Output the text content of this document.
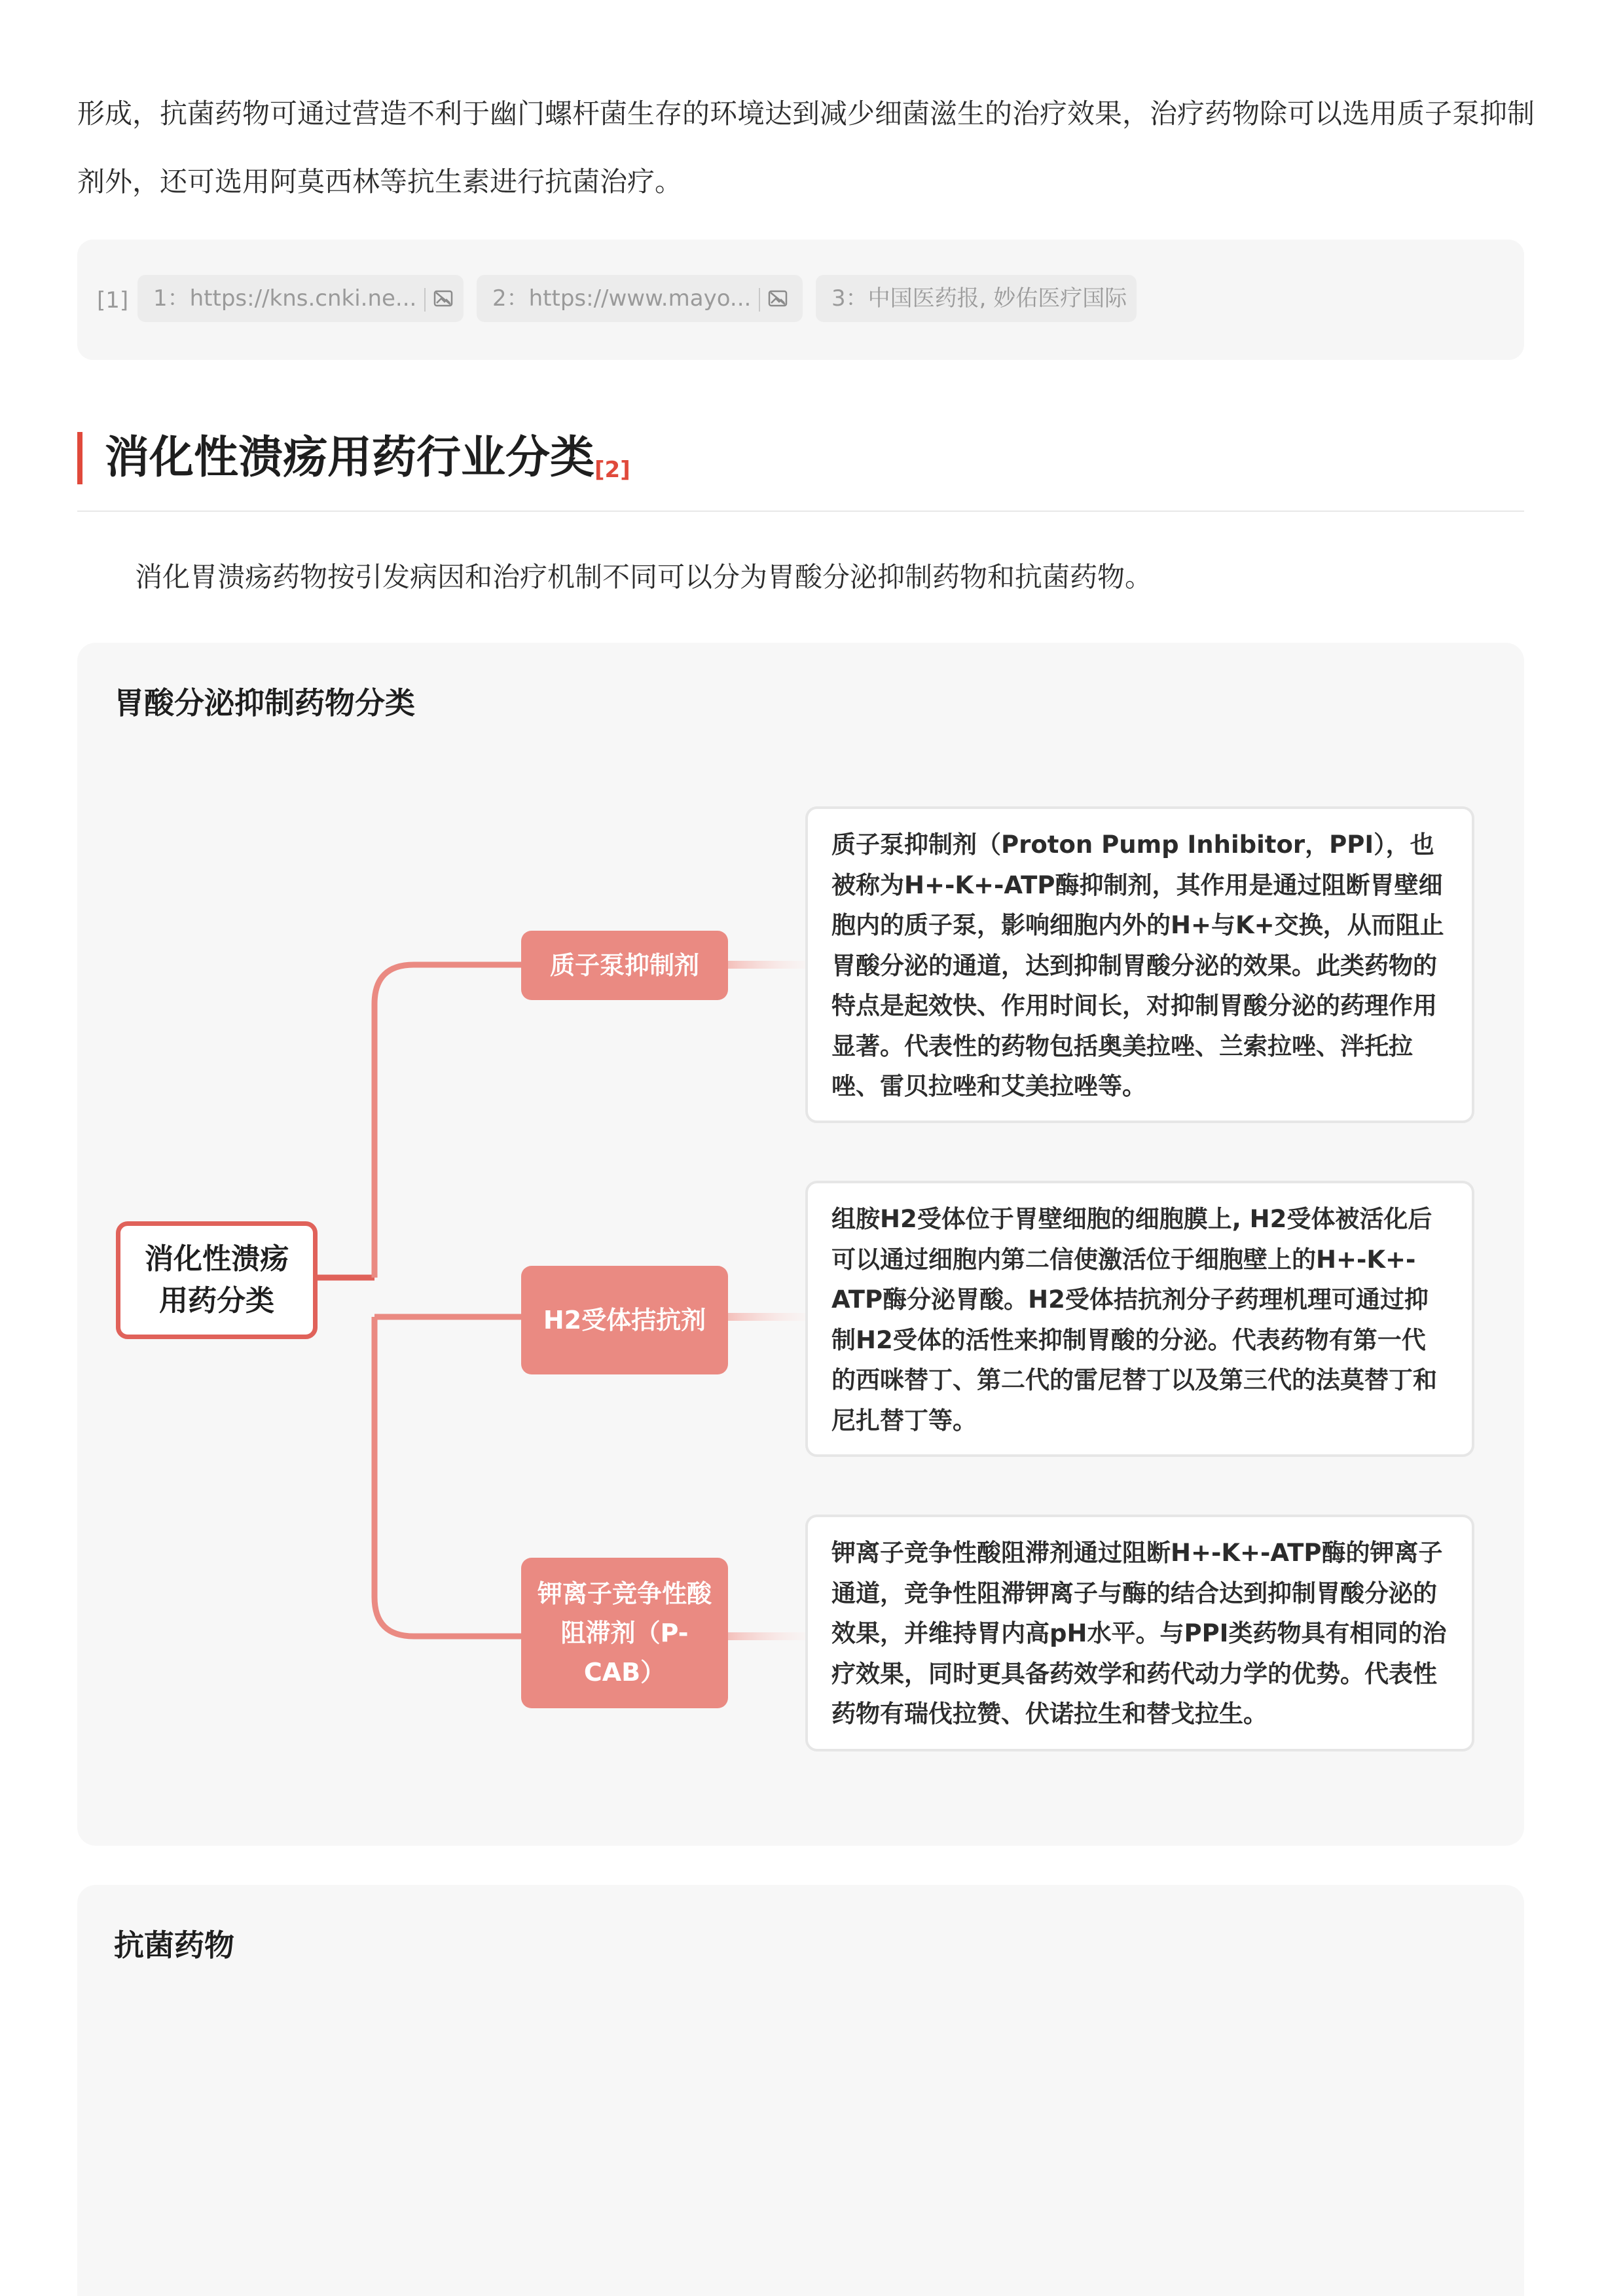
形成，抗菌药物可通过营造不利于幽门螺杆菌生存的环境达到减少细菌滋生的治疗效果，治疗药物除可以选用质子泵抑制剂外，还可选用阿莫西林等抗生素进行抗菌治疗。

[1]	1：https://kns.cnki.ne...	2：https://www.mayo...	3：中国医药报, 妙佑医疗国际
消化性溃疡用药行业分类[2]

消化胃溃疡药物按引发病因和治疗机制不同可以分为胃酸分泌抑制药物和抗菌药物。

胃酸分泌抑制药物分类
消化性溃疡用药分类
质子泵抑制剂
H2受体拮抗剂
钾离子竞争性酸阻滞剂（P-CAB）
质子泵抑制剂（Proton Pump Inhibitor，PPI），也被称为H+-K+-ATP酶抑制剂，其作用是通过阻断胃壁细胞内的质子泵，影响细胞内外的H+与K+交换，从而阻止胃酸分泌的通道，达到抑制胃酸分泌的效果。此类药物的特点是起效快、作用时间长，对抑制胃酸分泌的药理作用显著。代表性的药物包括奥美拉唑、兰索拉唑、泮托拉唑、雷贝拉唑和艾美拉唑等。
组胺H2受体位于胃壁细胞的细胞膜上, H2受体被活化后可以通过细胞内第二信使激活位于细胞壁上的H+-K+-ATP酶分泌胃酸。H2受体拮抗剂分子药理机理可通过抑制H2受体的活性来抑制胃酸的分泌。代表药物有第一代的西咪替丁、第二代的雷尼替丁以及第三代的法莫替丁和尼扎替丁等。
钾离子竞争性酸阻滞剂通过阻断H+-K+-ATP酶的钾离子通道，竞争性阻滞钾离子与酶的结合达到抑制胃酸分泌的效果，并维持胃内高pH水平。与PPI类药物具有相同的治疗效果，同时更具备药效学和药代动力学的优势。代表性药物有瑞伐拉赞、伏诺拉生和替戈拉生。
抗菌药物
